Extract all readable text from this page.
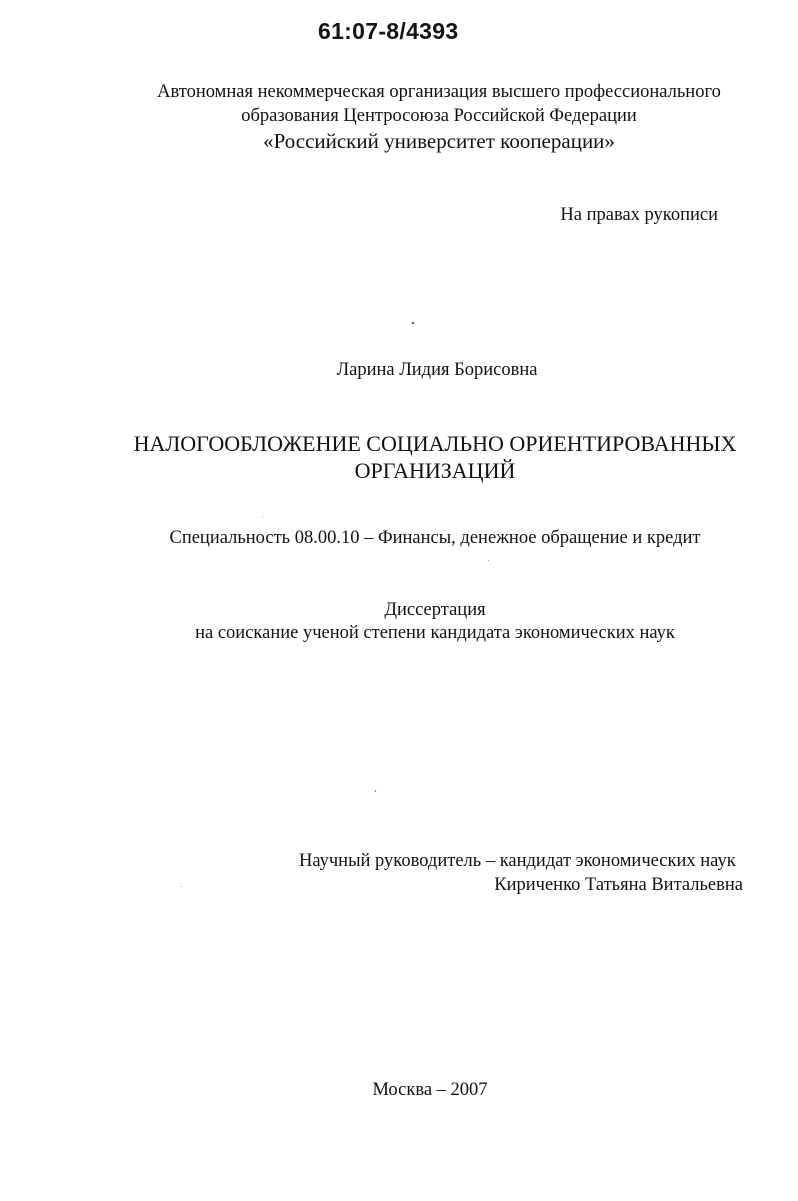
61:07-8/4393
Автономная некоммерческая организация высшего профессионального
образования Центросоюза Российской Федерации
«Российский университет кооперации»
На правах рукописи
Ларина Лидия Борисовна
НАЛОГООБЛОЖЕНИЕ СОЦИАЛЬНО ОРИЕНТИРОВАННЫХ
ОРГАНИЗАЦИЙ
Специальность 08.00.10 – Финансы, денежное обращение и кредит
Диссертация
на соискание ученой степени кандидата экономических наук
Научный руководитель – кандидат экономических наук
Кириченко Татьяна Витальевна
Москва – 2007
